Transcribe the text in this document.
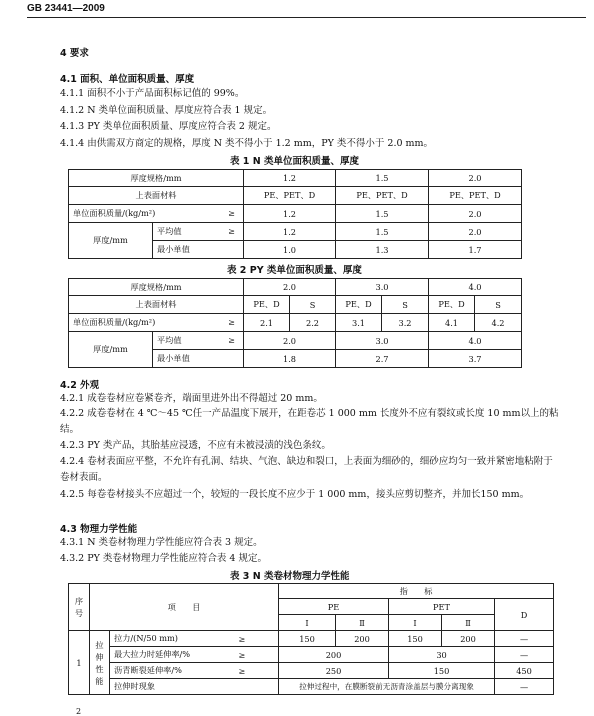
GB 23441—2009
4 要求
4.1 面积、单位面积质量、厚度
4.1.1 面积不小于产品面积标记值的 99%。
4.1.2 N 类单位面积质量、厚度应符合表 1 规定。
4.1.3 PY 类单位面积质量、厚度应符合表 2 规定。
4.1.4 由供需双方商定的规格，厚度 N 类不得小于 1.2 mm，PY 类不得小于 2.0 mm。
表 1 N 类单位面积质量、厚度
厚度规格/mm		1.2	1.5	2.0
上表面材料		PE、PET、D	PE、PET、D	PE、PET、D
单位面积质量/(kg/m²) ≥		1.2	1.5	2.0
厚度/mm	平均值 ≥	1.2	1.5	2.0
	最小单值	1.0	1.3	1.7
表 2 PY 类单位面积质量、厚度
厚度规格/mm		2.0		3.0		4.0	
上表面材料		PE、D	S	PE、D	S	PE、D	S
单位面积质量/(kg/m²) ≥		2.1	2.2	3.1	3.2	4.1	4.2
厚度/mm	平均值 ≥	2.0		3.0		4.0	
	最小单值	1.8		2.7		3.7	
4.2 外观
4.2.1 成卷卷材应卷紧卷齐，端面里进外出不得超过 20 mm。
4.2.2 成卷卷材在 4 ℃～45 ℃任一产品温度下展开，在距卷芯 1 000 mm 长度外不应有裂纹或长度 10 mm以上的粘结。
4.2.3 PY 类产品，其胎基应浸透，不应有未被浸渍的浅色条纹。
4.2.4 卷材表面应平整，不允许有孔洞、结块、气泡、缺边和裂口，上表面为细砂的，细砂应均匀一致并紧密地粘附于卷材表面。
4.2.5 每卷卷材接头不应超过一个，较短的一段长度不应少于 1 000 mm，接头应剪切整齐，并加长150 mm。
4.3 物理力学性能
4.3.1 N 类卷材物理力学性能应符合表 3 规定。
4.3.2 PY 类卷材物理力学性能应符合表 4 规定。
表 3 N 类卷材物理力学性能
序号	项　　目			指　　标				
				PE		PET		D
				Ⅰ	Ⅱ	Ⅰ	Ⅱ	
1	拉伸性能	拉力/(N/50 mm)	≥	150	200	150	200	—
		最大拉力时延伸率/%	≥	200		30		—
		沥青断裂延伸率/%	≥	250		150		450
		拉伸时现象		拉伸过程中，在膜断裂前无沥青涂盖层与膜分离现象				—
2
